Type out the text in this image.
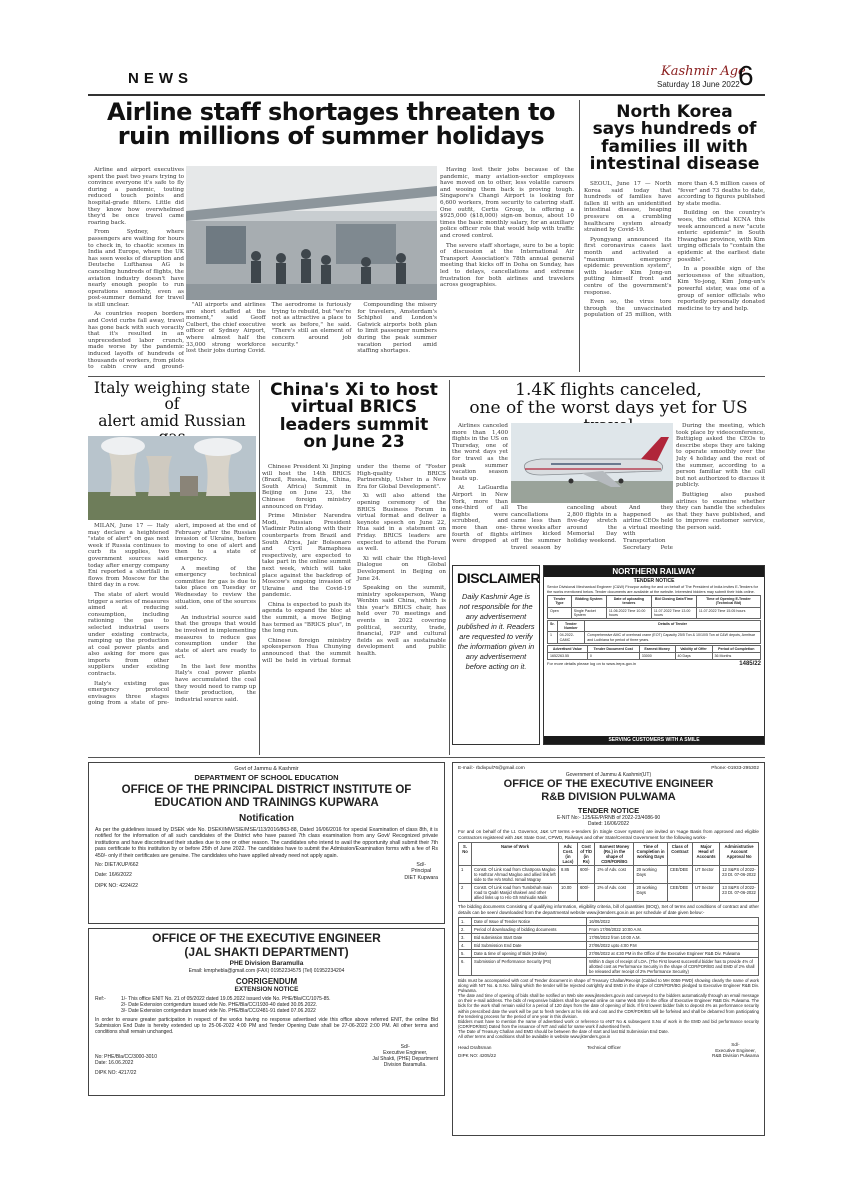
NEWS	Kashmir Age
Saturday 18 June 2022
6
Airline staff shortages threaten to
ruin millions of summer holidays

Airline and airport executives spent the past two years trying to convince everyone it's safe to fly during a pandemic, touting reduced touch points and hospital-grade filters. Little did they know how overwhelmed they'd be once travel came roaring back.

From Sydney, where passengers are waiting for hours to check in, to chaotic scenes in India and Europe, where the UK has seen weeks of disruption and Deutsche Lufthansa AG is canceling hundreds of flights, the aviation industry doesn't have nearly enough people to run operations smoothly, even as post-summer demand for travel is still unclear.

As countries reopen borders and Covid curbs fall away, travel has gone back with such voracity that it's resulted in an unprecedented labor crunch, made worse by the pandemic induced layoffs of hundreds of thousands of workers, from pilots to cabin crew and ground-

"All airports and airlines are short staffed at the moment," said Geoff Culbert, the chief executive officer of Sydney Airport, where almost half the 33,000 strong workforce lost their jobs during Covid. The aerodrome is furiously trying to rebuild, but "we're not as attractive a place to work as before," he said. "There's still an element of concern around job security."

Compounding the misery for travelers, Amsterdam's Schiphol and London's Gatwick airports both plan to limit passenger numbers during the peak summer vacation period amid staffing shortages.

Having lost their jobs because of the pandemic, many aviation-sector employees have moved on to other, less volatile careers and wooing them back is proving tough. Singapore's Changi Airport is looking for 6,600 workers, from security to catering staff. One outfit, Certis Group, is offering a $925,000 ($18,000) sign-on bonus, about 10 times the basic monthly salary, for an auxiliary police officer role that would help with traffic and crowd control.

The severe staff shortage, sure to be a topic of discussion at the International Air Transport Association's 78th annual general meeting that kicks off in Doha on Sunday, has led to delays, cancellations and extreme frustration for both airlines and travelers across geographies.

North Korea
says hundreds of
families ill with
intestinal disease

SEOUL, June 17 — North Korea said today that hundreds of families have fallen ill with an unidentified intestinal disease, heaping pressure on a crumbling healthcare system already strained by Covid-19.

Pyongyang announced its first coronavirus cases last month and activated a "maximum emergency epidemic prevention system", with leader Kim Jong-un putting himself front and centre of the government's response.

Even so, the virus tore through the unvaccinated population of 25 million, with more than 4.5 million cases of "fever" and 73 deaths to date, according to figures published by state media.

Building on the country's woes, the official KCNA this week announced a new "acute enteric epidemic" in South Hwanghae province, with Kim urging officials to "contain the epidemic at the earliest date possible".

In a possible sign of the seriousness of the situation, Kim Yo-jong, Kim Jong-un's powerful sister, was one of a group of senior officials who reportedly personally donated medicine to try and help.

Italy weighing state of
alert amid Russian

MILAN, June 17 — Italy may declare a heightened "state of alert" on gas next week if Russia continues to curb its supplies, two government sources said today after energy company Eni reported a shortfall in flows from Moscow for the third day in a row.

The state of alert would trigger a series of measures aimed at reducing consumption, including rationing the gas to selected industrial users under existing contracts, ramping up the production at coal power plants and also asking for more gas imports from other suppliers under existing contracts.

Italy's existing gas emergency protocol envisages three stages going from a state of pre-alert, imposed at the end of February after the Russian invasion of Ukraine, before moving to one of alert and then to a state of emergency.

A meeting of the emergency technical committee for gas is due to take place on Tuesday or Wednesday to review the situation, one of the sources said.

An industrial source said that the groups that would be involved in implementing measures to reduce gas consumption under the state of alert are ready to act.

In the last few months Italy's coal power plants have accumulated the coal they would need to ramp up their production, the industrial source said.

China's Xi to host
virtual BRICS
leaders summit
on June 23

Chinese President Xi Jinping will host the 14th BRICS (Brazil, Russia, India, China, South Africa) Summit in Beijing on June 23, the Chinese foreign ministry announced on Friday.

Prime Minister Narendra Modi, Russian President Vladimir Putin along with their counterparts from Brazil and South Africa, Jair Bolsonaro and Cyril Ramaphosa respectively, are expected to take part in the online summit next week, which will take place against the backdrop of Moscow's ongoing invasion of Ukraine and the Covid-19 pandemic.

China is expected to push its agenda to expand the bloc at the summit, a move Beijing has termed as "BRICS plus", in the long run.

Chinese foreign ministry spokesperson Hua Chunying announced that the summit will be held in virtual format under the theme of "Foster High-quality BRICS Partnership, Usher in a New Era for Global Development".

Xi will also attend the opening ceremony of the BRICS Business Forum in virtual format and deliver a keynote speech on June 22, Hua said in a statement on Friday. BRICS leaders are expected to attend the Forum as well.

Xi will chair the High-level Dialogue on Global Development in Beijing on June 24.

Speaking on the summit, ministry spokesperson, Wang Wenbin said China, which is this year's BRICS chair, has held over 70 meetings and events in 2022 covering political, security, trade, financial, P2P and cultural fields as well as sustainable development and public health.

1.4K flights canceled,
one of the worst days yet for US

Airlines canceled more than 1,400 flights in the US on Thursday, one of the worst days yet for travel as the peak summer vacation season heats up.

At LaGuardia Airport in New York, more than one-third of all flights were scrubbed, and more than one-fourth of flights were dropped at

The cancellations came less than three weeks after airlines kicked off the summer travel season by canceling about 2,800 flights in a five-day stretch around the Memorial Day holiday weekend.

And they happened as airline CEOs held a virtual meeting with Transportation Secretary Pete

During the meeting, which took place by videoconference, Buttigieg asked the CEOs to describe steps they are taking to operate smoothly over the July 4 holiday and the rest of the summer, according to a person familiar with the call but not authorized to discuss it publicly.

Buttigieg also pushed airlines to examine whether they can handle the schedules that they have published, and to improve customer service, the person said.

DISCLAIMER
Daily Kashmir Age is not responsible for the any advertisement published in it. Readers are requested to verify the information given in any advertisement before acting on it.
NORTHERN RAILWAY
TENDER NOTICE
Senior Divisional Mechanical Engineer (C&W) Firozpur acting for and on behalf of The President of India invites E-Tenders for the works mentioned below. Tender documents are available at the website. Interested bidders may submit their bids online.
Tender Type	Bidding System	Date of uploading tenders	Bid Closing Date/Time	Time of Opening E-Tender (Technical Bid)
Open	Single Packet System	11.06.2022 Time 10.00 hours	11.07.2022 Time 13.00 hours	11.07.2022 Time 15.05 hours
Sr.	Tender Number	Details of Tender
1	04-2022-CAMC	Comprehensive AMC of overhead crane (EOT) Capacity 25/5 Ton & 10/10/5 Ton at C&W depots, Amritsar and Ludhiana for period of three years.
Advertised Value	Tender Document Cost	Earnest Money	Validity of Offer	Period of Completion
1652263.55	0	33000	40 Days	36 Months
For more details please log on to www.ireps.gov.in	1485/22
SERVING CUSTOMERS WITH A SMILE
Govt of Jammu & Kashmir
DEPARTMENT OF SCHOOL EDUCATION
OFFICE OF THE PRINCIPAL DISTRICT INSTITUTE OF
EDUCATION AND TRAININGS KUPWARA
Notification
As per the guidelines issued by DSEK vide No. DSEK/IMW/SIE/MSE/113/2016/863-88, Dated 16/06/2016 for special Examination of class 8th, it is notified for the information of all such candidates of the District who have passed 7th class examination from any Govt/ Recognized private institutions and have discontinued their studies due to one or other reason. The candidates who intend to avail the opportunity shall submit their 7th pass certificate to this institution by or before 25th of June 2022. The candidates have to submit the Admission/Examination forms with a fee of Rs 450/- only if their certificates are genuine. The candidates who have applied already need not apply again.
No: DIET/KUP/662
Date: 16/6/2022
Sd/-
Principal
DIET Kupwara
DIPK NO: 4224/22
OFFICE OF THE EXECUTIVE ENGINEER
(JAL SHAKTI DEPARTMENT)
PHE Division Baramulla
Email: kmrphebla@gmail.com (FAX) 01952234575 (Tel) 01952234204
CORRIGENDUM
EXTENSION NOTICE
Ref:-	1/- This office ENIT No. 21 of 05/2022 dated 19.05.2022 issued vide No. PHE/Bla/CC/1075-85.
2/- Date Extension corrigendum issued vide No. PHE/Bla/CC/1930-40 dated 30.05.2022.
3/- Date Extension corrigendum issued vide No. PHE/Bla/CC/2481-91 dated 07.06.2022
In order to ensure greater participation in respect of the works having no response advertised vide this office above referred ENIT, the online Bid Submission End Date is hereby extended up to 25-06-2022 4:00 PM and Tender Opening Date shall be 27-06-2022 2:00 PM. All other terms and conditions shall remain unchanged.
No: PHE/Bla/CC/3000-3010
Date: 16.06.2022
DIPK NO: 4217/22
Sd/-
Executive Engineer,
Jal Shakti, (PHE) Department
Division Baramulla.
E-mail:- ​rbdivpul76@gmail.com	Phone:-01933-295302
Government of Jammu & Kashmir(UT)
OFFICE OF THE EXECUTIVE ENGINEER
R&B DIVISION PULWAMA
TENDER NOTICE
E-NIT No:- 125/EE/P/RNB of 2022-23/4086-90
Dated: 16/06/2022
For and on behalf of the Lt. Governor, J&K UT terms e-tenders (in Single Cover system) are invited on %age Basis from approved and eligible Contractors registered with J&K State Govt, CPWD, Railways and other State/Central Government for the following works-
S. No	Name of Work	Adv. Cost. (in Lacs)	Cost of T/D (in Rs)	Earnest Money (Rs.) in the shape of CDR/FDR/BG	Time of Completion in working Days	Class of Contract	Major Head of Accounts	Administrative Account Approval No
1	Constt. Of Link road from Chatrpora Magloo to Hathzar Ahmad Magloo and allied link left side to the H/o Mohd. Ismail Magray	8.85	600/-	2% of Adv. cost	20 working Days	CEE/DEE	UT Sector	12 S&PS of 2022-23 Dt. 07-06-2022
2	Constt. Of Link road from Tumbshah main road to Qadri Masjid shakeel and other allied links up to H/o Gh Mohiudin Malik	10.00	600/-	2% of Adv. cost	20 working Days	CEE/DEE	UT Sector	13 S&PS of 2022-23 Dt. 07-06-2022
The bidding documents Consisting of qualifying information, eligibility criteria, bill of quantities (BOQ), Set of terms and conditions of contract and other details can be seen/ downloaded from the departmental website www.jktenders.gov.in as per schedule of date given below:-
1.	Date of Issue of Tender Notice	16/06/2022
2.	Period of downloading of bidding documents	From 17/06/2022 10:00 A.M.
3.	Bid submission Start Date	17/06/2022 from 10:00 A.M.
4.	Bid Submission End Date	27/06/2022 upto 4:00 P.M
5.	Date & time of opening of Bids (Online)	27/06/2022 at 4:30 PM in the Office of the Executive Engineer R&B Div. Pulwama
6.	Submission of Performance Security (PS)	Within 5 days of receipt of LOA. (The First lowest successful bidder has to provide 4% of allotted cost as Performance Security in the shape of CDR/FDR/BG and EMD of 2% shall be released after receipt of 2% Performance Security)
Bids must be accompanied with cost of Tender document in shape of Treasury Challan/Receipt (Cabled to MH 0059 PWD) showing clearly the name of work along with NIT No. & S.No. failing which the tender will be rejected outrightly and EMD in the shape of CDR/FDR/BG pledged to Executive Engineer R&B Div. Pulwama.
The date and time of opening of bids shall be notified on Web site www.jktenders.gov.in and conveyed to the bidders automatically through an email message on their e-mail address. The bids of responsive bidders shall be opened online on same Web Site in the office of Executive Engineer R&B Div. Pulwama. The bids for the work shall remain valid for a period of 120 days from the date of opening of bids. If first lowest bidder fails to deposit 4% as performance security within prescribed date the work will be put to fresh tenders at his risk and cost and the CDR/FDR/BG will be forfeited and shall be debarred from participating the tendering process for the period of one year in this division.
Bidders must have to mention the name of advertised work or reference to eNIT No & subsequent S.No of work in the EMD and bid performance security (CDR/FDR/BG) Dated from the issuance of NIT and valid for same work if advertised fresh.
The Date of Treasury Challan and EMD should be between the date of start and last Bid Submission End Date.
All other terms and conditions shall be available in website www.jktenders.gov.in
Head Draftsman
DIPK NO: 4205/22
Technical Officer
Sd/-
Executive Engineer,
R&B Division Pulwama
